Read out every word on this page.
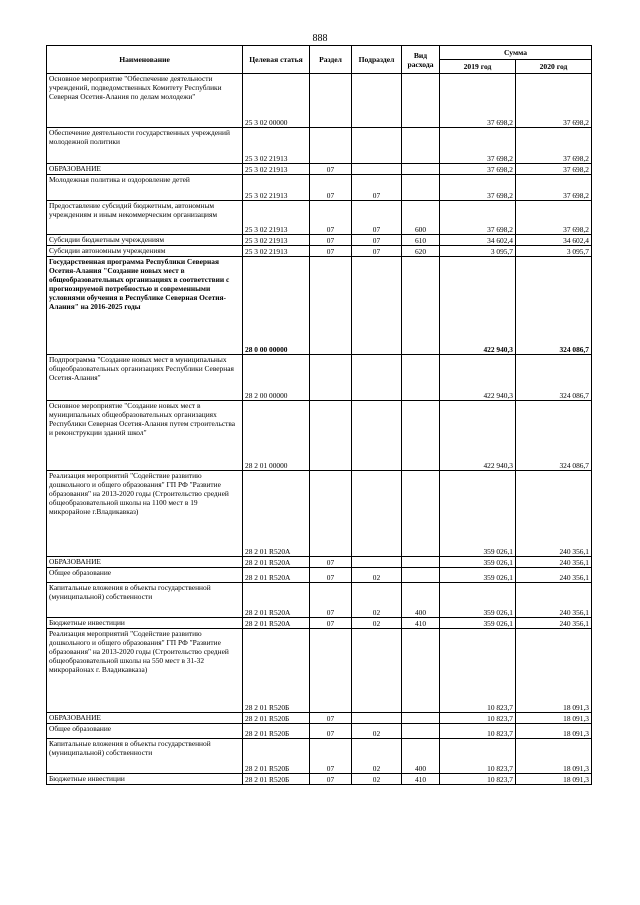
888
Наименование	Целевая статья	Раздел	Подраздел	Вид расхода	Сумма	
					2019 год	2020 год
Основное мероприятие "Обеспечение деятельности учреждений, подведомственных Комитету Республики Северная Осетия-Алания по делам молодежи"	25 3 02 00000				37 698,2	37 698,2
Обеспечение деятельности государственных учреждений молодежной политики	25 3 02 21913				37 698,2	37 698,2
ОБРАЗОВАНИЕ	25 3 02 21913	07			37 698,2	37 698,2
Молодежная политика и оздоровление детей	25 3 02 21913	07	07		37 698,2	37 698,2
Предоставление субсидий бюджетным, автономным учреждениям и иным некоммерческим организациям	25 3 02 21913	07	07	600	37 698,2	37 698,2
Субсидии бюджетным учреждениям	25 3 02 21913	07	07	610	34 602,4	34 602,4
Субсидии автономным учреждениям	25 3 02 21913	07	07	620	3 095,7	3 095,7
Государственная программа Республики Северная Осетия-Алания "Создание новых мест в общеобразовательных организациях в соответствии с прогнозируемой потребностью и современными условиями обучения в Республике Северная Осетия-Алания" на 2016-2025 годы	28 0 00 00000				422 940,3	324 086,7
Подпрограмма "Создание новых мест в муниципальных общеобразовательных организациях Республики Северная Осетия-Алания"	28 2 00 00000				422 940,3	324 086,7
Основное мероприятие "Создание новых мест в муниципальных общеобразовательных организациях Республики Северная Осетия-Алания путем строительства и реконструкции зданий школ"	28 2 01 00000				422 940,3	324 086,7
Реализация мероприятий "Содействие развитию дошкольного и общего образования" ГП РФ "Развитие образования" на 2013-2020 годы (Строительство средней общеобразовательной школы на 1100 мест в 19 микрорайоне г.Владикавказ)	28 2 01 R520А				359 026,1	240 356,1
ОБРАЗОВАНИЕ	28 2 01 R520А	07			359 026,1	240 356,1
Общее образование	28 2 01 R520А	07	02		359 026,1	240 356,1
Капитальные вложения в объекты государственной (муниципальной) собственности	28 2 01 R520А	07	02	400	359 026,1	240 356,1
Бюджетные инвестиции	28 2 01 R520А	07	02	410	359 026,1	240 356,1
Реализация мероприятий "Содействие развитию дошкольного и общего образования" ГП РФ "Развитие образования" на 2013-2020 годы (Строительство средней общеобразовательной школы на 550 мест в 31-32 микрорайонах г. Владикавказа)	28 2 01 R520Б				10 823,7	18 091,3
ОБРАЗОВАНИЕ	28 2 01 R520Б	07			10 823,7	18 091,3
Общее образование	28 2 01 R520Б	07	02		10 823,7	18 091,3
Капитальные вложения в объекты государственной (муниципальной) собственности	28 2 01 R520Б	07	02	400	10 823,7	18 091,3
Бюджетные инвестиции	28 2 01 R520Б	07	02	410	10 823,7	18 091,3
